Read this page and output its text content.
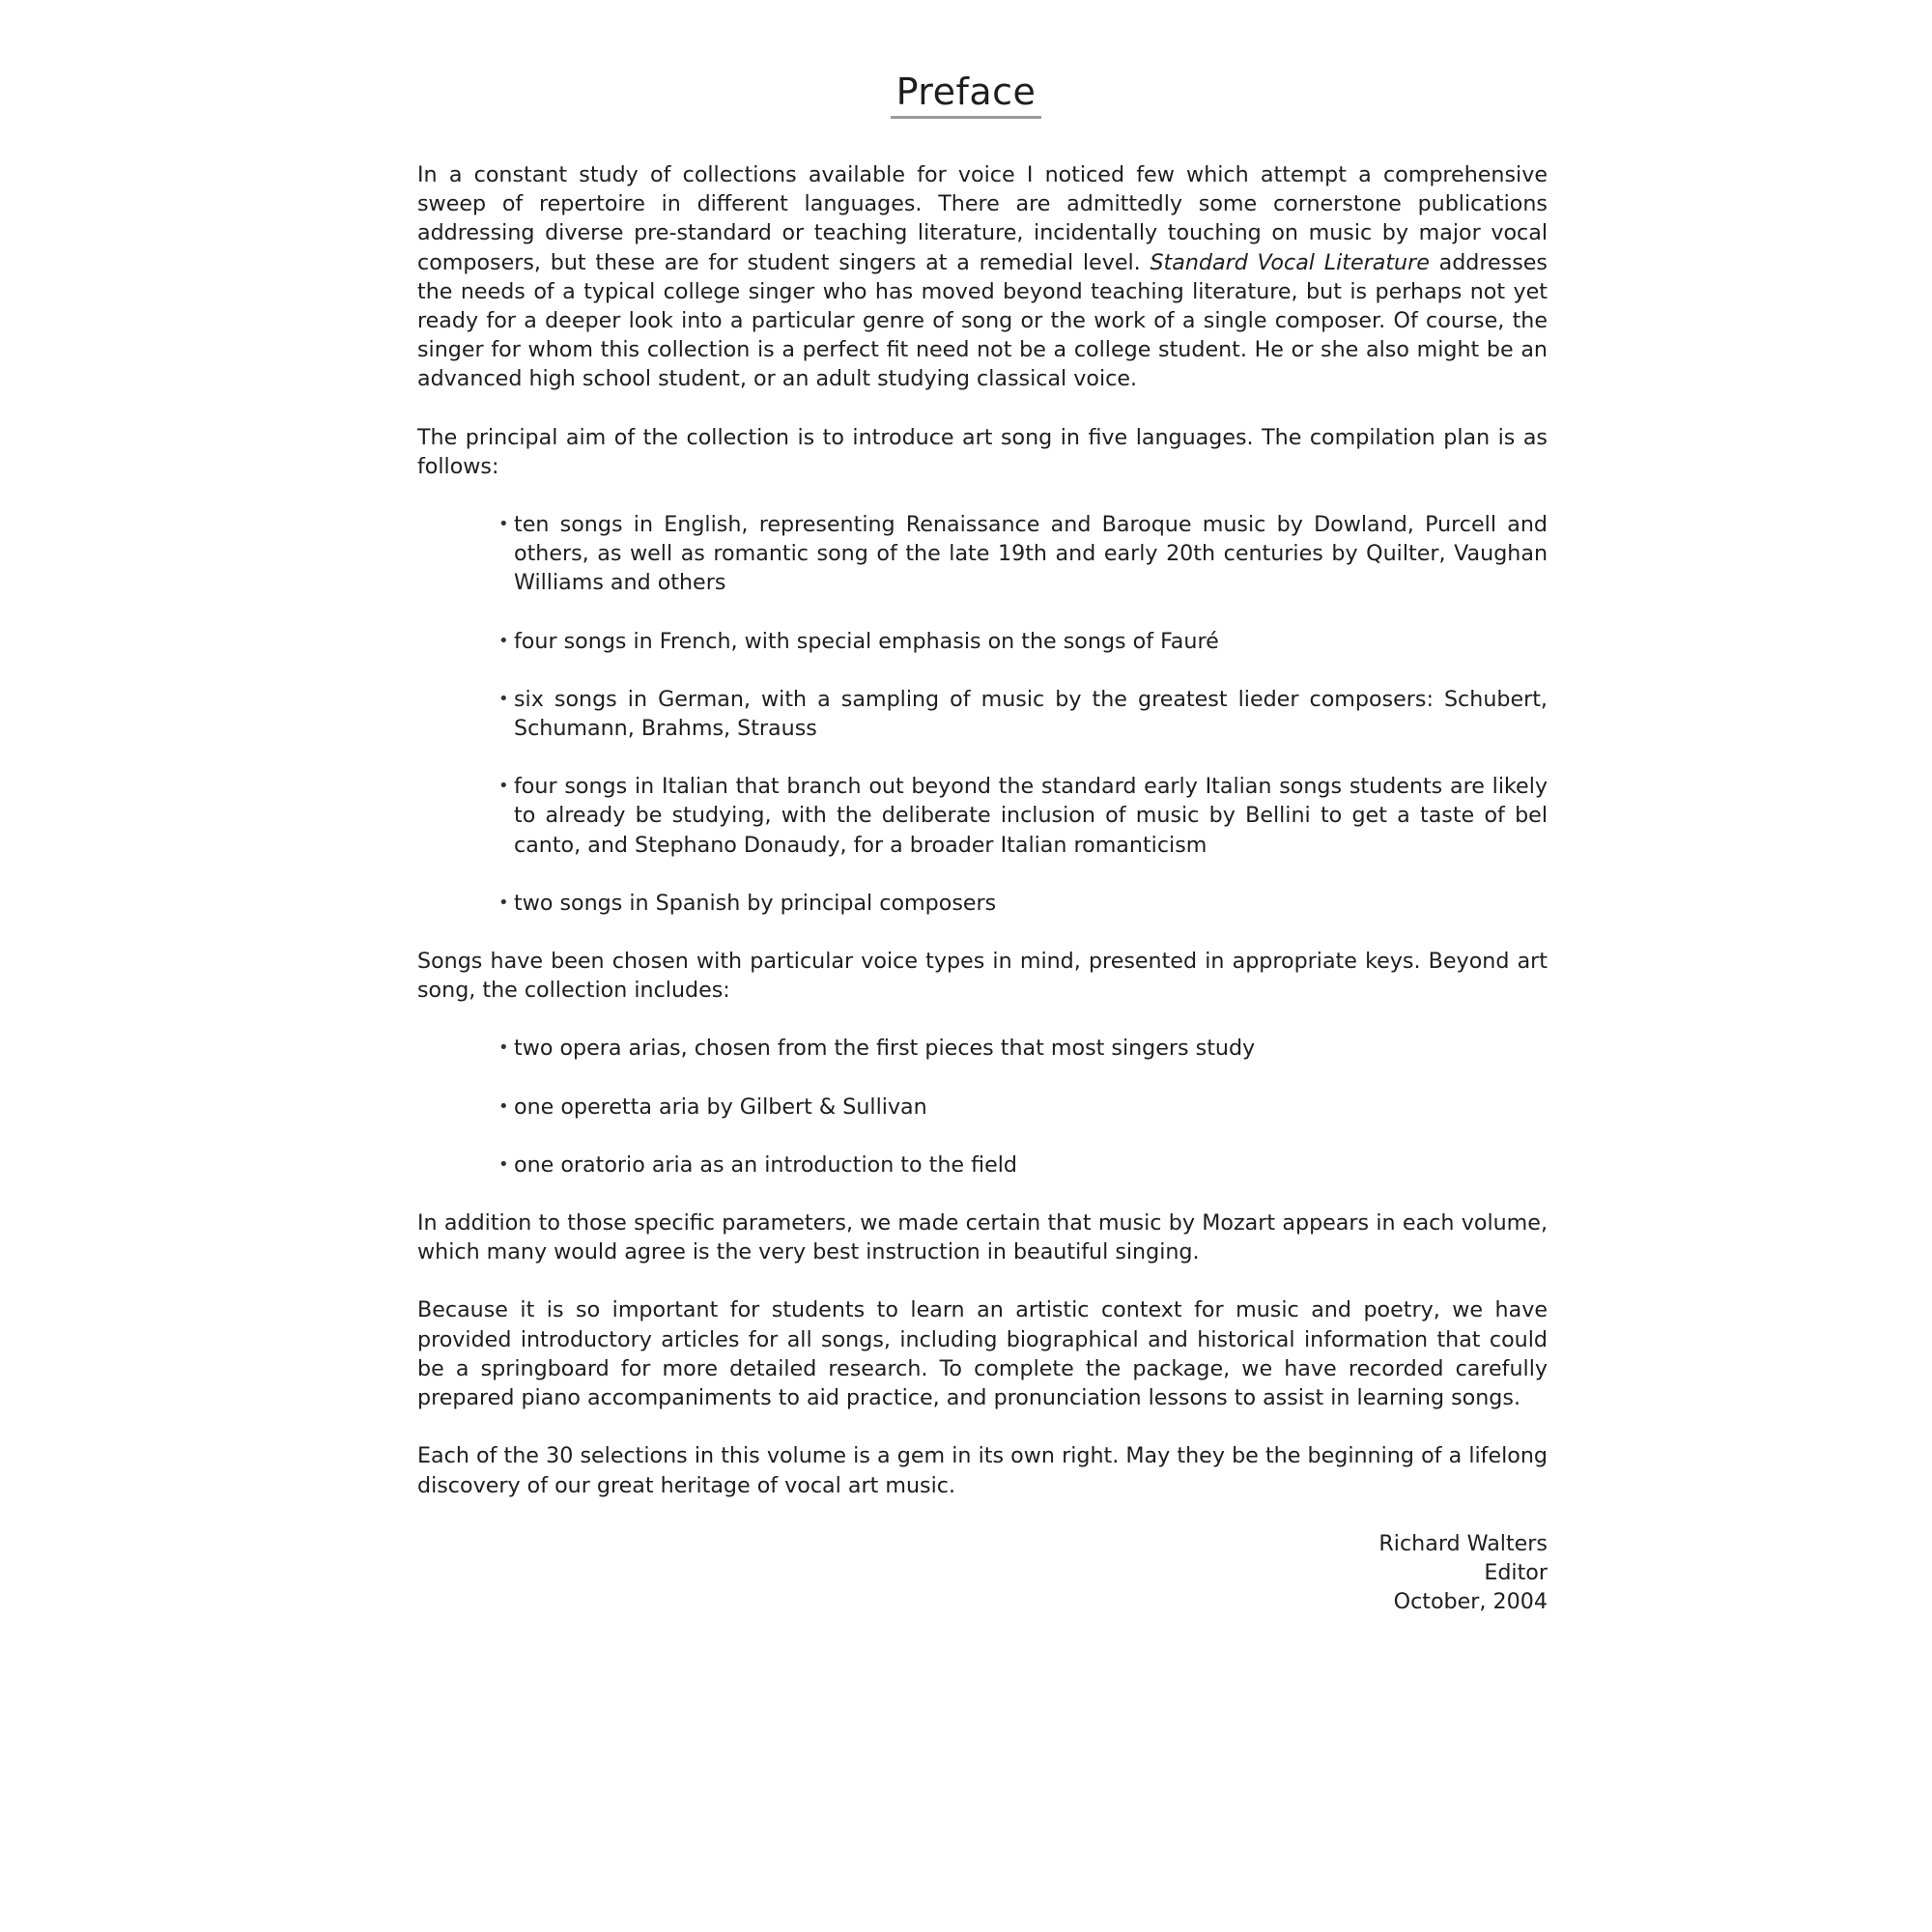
Preface

In a constant study of collections available for voice I noticed few which attempt a comprehensive sweep of repertoire in different languages. There are admittedly some cornerstone publications addressing diverse pre-standard or teaching literature, incidentally touching on music by major vocal composers, but these are for student singers at a remedial level. Standard Vocal Literature addresses the needs of a typical college singer who has moved beyond teaching literature, but is perhaps not yet ready for a deeper look into a particular genre of song or the work of a single composer. Of course, the singer for whom this collection is a perfect fit need not be a college student. He or she also might be an advanced high school student, or an adult studying classical voice.

The principal aim of the collection is to introduce art song in five languages. The compilation plan is as follows:

• ten songs in English, representing Renaissance and Baroque music by Dowland, Purcell and others, as well as romantic song of the late 19th and early 20th centuries by Quilter, Vaughan Williams and others
• four songs in French, with special emphasis on the songs of Fauré
• six songs in German, with a sampling of music by the greatest lieder composers: Schubert, Schumann, Brahms, Strauss
• four songs in Italian that branch out beyond the standard early Italian songs students are likely to already be studying, with the deliberate inclusion of music by Bellini to get a taste of bel canto, and Stephano Donaudy, for a broader Italian romanticism
• two songs in Spanish by principal composers

Songs have been chosen with particular voice types in mind, presented in appropriate keys. Beyond art song, the collection includes:

• two opera arias, chosen from the first pieces that most singers study
• one operetta aria by Gilbert & Sullivan
• one oratorio aria as an introduction to the field

In addition to those specific parameters, we made certain that music by Mozart appears in each volume, which many would agree is the very best instruction in beautiful singing.

Because it is so important for students to learn an artistic context for music and poetry, we have provided introductory articles for all songs, including biographical and historical information that could be a springboard for more detailed research. To complete the package, we have recorded carefully prepared piano accompaniments to aid practice, and pronunciation lessons to assist in learning songs.

Each of the 30 selections in this volume is a gem in its own right. May they be the beginning of a lifelong discovery of our great heritage of vocal art music.

Richard Walters
Editor
October, 2004
